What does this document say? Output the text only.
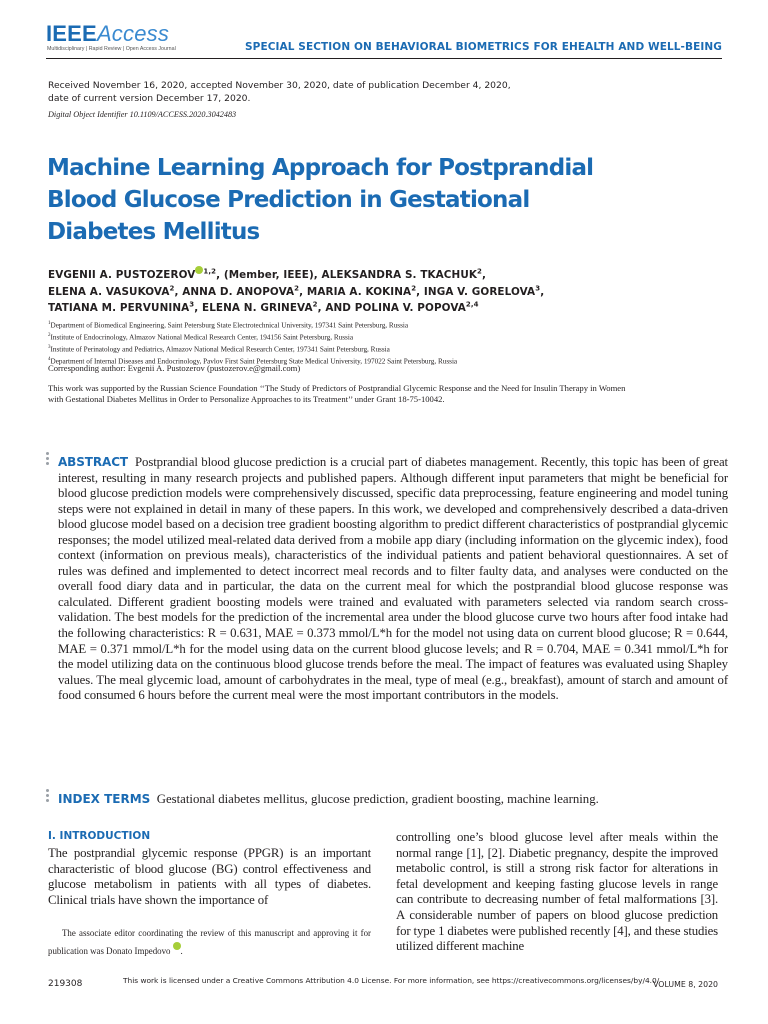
IEEEAccess
Multidisciplinary | Rapid Review | Open Access Journal	SPECIAL SECTION ON BEHAVIORAL BIOMETRICS FOR EHEALTH AND WELL-BEING
Received November 16, 2020, accepted November 30, 2020, date of publication December 4, 2020,
date of current version December 17, 2020.
Digital Object Identifier 10.1109/ACCESS.2020.3042483
Machine Learning Approach for Postprandial
Blood Glucose Prediction in Gestational
Diabetes Mellitus
EVGENII A. PUSTOZEROV $^{1,2}$, (Member, IEEE), ALEKSANDRA S. TKACHUK$^2$,
ELENA A. VASUKOVA$^2$, ANNA D. ANOPOVA$^2$, MARIA A. KOKINA$^2$, INGA V. GORELOVA$^3$,
TATIANA M. PERVUNINA$^3$, ELENA N. GRINEVA$^2$, AND POLINA V. POPOVA$^{2,4}$
$^1$Department of Biomedical Engineering, Saint Petersburg State Electrotechnical University, 197341 Saint Petersburg, Russia
$^2$Institute of Endocrinology, Almazov National Medical Research Center, 194156 Saint Petersburg, Russia
$^3$Institute of Perinatology and Pediatrics, Almazov National Medical Research Center, 197341 Saint Petersburg, Russia
$^4$Department of Internal Diseases and Endocrinology, Pavlov First Saint Petersburg State Medical University, 197022 Saint Petersburg, Russia
Corresponding author: Evgenii A. Pustozerov (pustozerov.e@gmail.com)
This work was supported by the Russian Science Foundation ‘‘The Study of Predictors of Postprandial Glycemic Response and the Need for Insulin Therapy in Women with Gestational Diabetes Mellitus in Order to Personalize Approaches to its Treatment’’ under Grant 18-75-10042.
ABSTRACT Postprandial blood glucose prediction is a crucial part of diabetes management. Recently, this topic has been of great interest, resulting in many research projects and published papers. Although different input parameters that might be beneficial for blood glucose prediction models were comprehensively discussed, specific data preprocessing, feature engineering and model tuning steps were not explained in detail in many of these papers. In this work, we developed and comprehensively described a data-driven blood glucose model based on a decision tree gradient boosting algorithm to predict different characteristics of postprandial glycemic responses; the model utilized meal-related data derived from a mobile app diary (including information on the glycemic index), food context (information on previous meals), characteristics of the individual patients and patient behavioral questionnaires. A set of rules was defined and implemented to detect incorrect meal records and to filter faulty data, and analyses were conducted on the overall food diary data and in particular, the data on the current meal for which the postprandial blood glucose response was calculated. Different gradient boosting models were trained and evaluated with parameters selected via random search cross-validation. The best models for the prediction of the incremental area under the blood glucose curve two hours after food intake had the following characteristics: R = 0.631, MAE = 0.373 mmol/L*h for the model not using data on current blood glucose; R = 0.644, MAE = 0.371 mmol/L*h for the model using data on the current blood glucose levels; and R = 0.704, MAE = 0.341 mmol/L*h for the model utilizing data on the continuous blood glucose trends before the meal. The impact of features was evaluated using Shapley values. The meal glycemic load, amount of carbohydrates in the meal, type of meal (e.g., breakfast), amount of starch and amount of food consumed 6 hours before the current meal were the most important contributors in the models.
INDEX TERMS Gestational diabetes mellitus, glucose prediction, gradient boosting, machine learning.
I. INTRODUCTION
The postprandial glycemic response (PPGR) is an important characteristic of blood glucose (BG) control effectiveness and glucose metabolism in patients with all types of diabetes. Clinical trials have shown the importance of
The associate editor coordinating the review of this manuscript and approving it for publication was Donato Impedovo .
controlling one’s blood glucose level after meals within the normal range [1], [2]. Diabetic pregnancy, despite the improved metabolic control, is still a strong risk factor for alterations in fetal development and keeping fasting glucose levels in range can contribute to decreasing number of fetal malformations [3]. A considerable number of papers on blood glucose prediction for type 1 diabetes were published recently [4], and these studies utilized different machine
219308	This work is licensed under a Creative Commons Attribution 4.0 License. For more information, see https://creativecommons.org/licenses/by/4.0/
VOLUME 8, 2020
